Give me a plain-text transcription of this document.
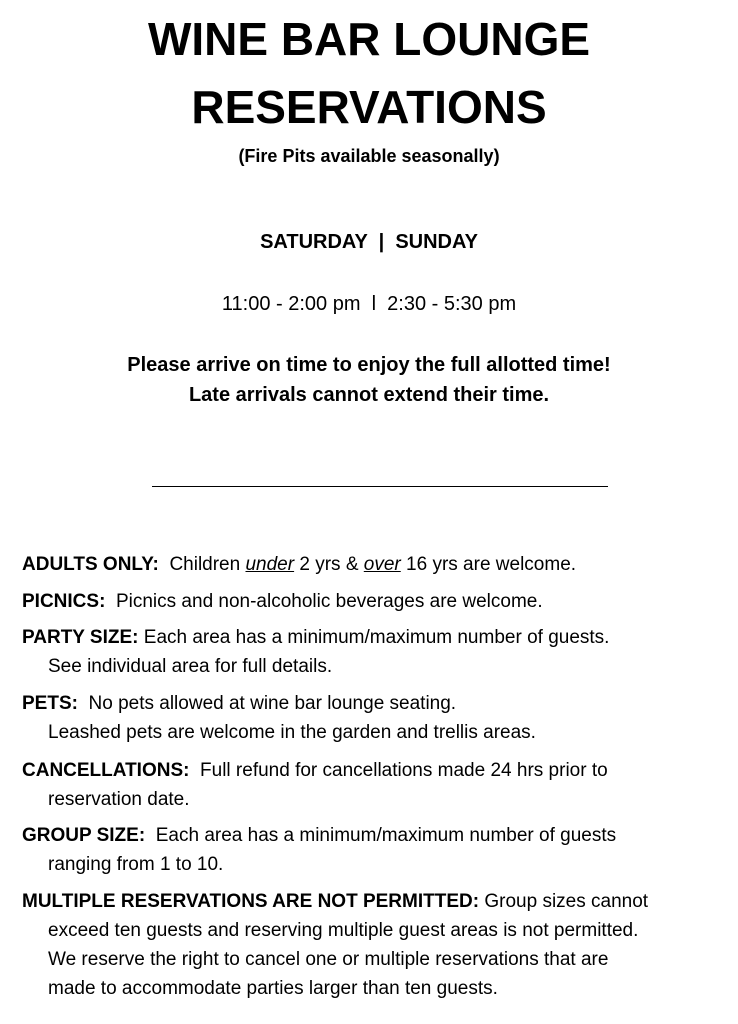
WINE BAR LOUNGE
RESERVATIONS
(Fire Pits available seasonally)
SATURDAY  |  SUNDAY
11:00 - 2:00 pm  l  2:30 - 5:30 pm
Please arrive on time to enjoy the full allotted time!
Late arrivals cannot extend their time.
ADULTS ONLY: Children under 2 yrs & over 16 yrs are welcome.
PICNICS: Picnics and non-alcoholic beverages are welcome.
PARTY SIZE: Each area has a minimum/maximum number of guests.
See individual area for full details.
PETS: No pets allowed at wine bar lounge seating.
Leashed pets are welcome in the garden and trellis areas.
CANCELLATIONS: Full refund for cancellations made 24 hrs prior to
reservation date.
GROUP SIZE: Each area has a minimum/maximum number of guests
ranging from 1 to 10.
MULTIPLE RESERVATIONS ARE NOT PERMITTED: Group sizes cannot
exceed ten guests and reserving multiple guest areas is not permitted.
We reserve the right to cancel one or multiple reservations that are
made to accommodate parties larger than ten guests.
